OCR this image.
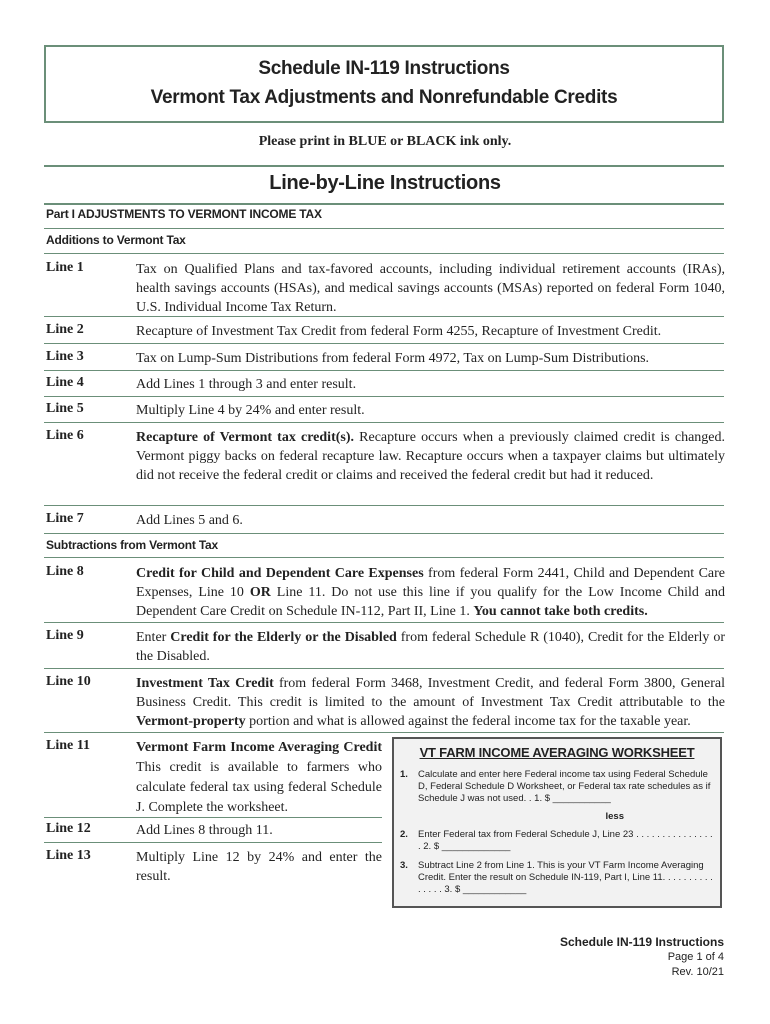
Schedule IN-119 Instructions
Vermont Tax Adjustments and Nonrefundable Credits
Please print in BLUE or BLACK ink only.
Line-by-Line Instructions
Part I ADJUSTMENTS TO VERMONT INCOME TAX
Additions to Vermont Tax
Line 1	Tax on Qualified Plans and tax-favored accounts, including individual retirement accounts (IRAs), health savings accounts (HSAs), and medical savings accounts (MSAs) reported on federal Form 1040, U.S. Individual Income Tax Return.
Line 2	Recapture of Investment Tax Credit from federal Form 4255, Recapture of Investment Credit.
Line 3	Tax on Lump-Sum Distributions from federal Form 4972, Tax on Lump-Sum Distributions.
Line 4	Add Lines 1 through 3 and enter result.
Line 5	Multiply Line 4 by 24% and enter result.
Line 6	Recapture of Vermont tax credit(s). Recapture occurs when a previously claimed credit is changed. Vermont piggy backs on federal recapture law. Recapture occurs when a taxpayer claims but ultimately did not receive the federal credit or claims and received the federal credit but had it reduced.
Line 7	Add Lines 5 and 6.
Subtractions from Vermont Tax
Line 8	Credit for Child and Dependent Care Expenses from federal Form 2441, Child and Dependent Care Expenses, Line 10 OR Line 11. Do not use this line if you qualify for the Low Income Child and Dependent Care Credit on Schedule IN-112, Part II, Line 1. You cannot take both credits.
Line 9	Enter Credit for the Elderly or the Disabled from federal Schedule R (1040), Credit for the Elderly or the Disabled.
Line 10	Investment Tax Credit from federal Form 3468, Investment Credit, and federal Form 3800, General Business Credit. This credit is limited to the amount of Investment Tax Credit attributable to the Vermont-property portion and what is allowed against the federal income tax for the taxable year.
Line 11	Vermont Farm Income Averaging Credit This credit is available to farmers who calculate federal tax using federal Schedule J. Complete the worksheet.
Line 12	Add Lines 8 through 11.
Line 13	Multiply Line 12 by 24% and enter the result.
VT FARM INCOME AVERAGING WORKSHEET
1. Calculate and enter here Federal income tax using Federal Schedule D, Federal Schedule D Worksheet, or Federal tax rate schedules as if Schedule J was not used. . 1. $ ___________
less
2. Enter Federal tax from Federal Schedule J, Line 23 . . . . . . . . . . . . . . . . 2. $ _____________
3. Subtract Line 2 from Line 1. This is your VT Farm Income Averaging Credit. Enter the result on Schedule IN-119, Part I, Line 11. . . . . . . . . . . . . . . 3. $ ____________
Schedule IN-119 Instructions
Page 1 of 4
Rev. 10/21
